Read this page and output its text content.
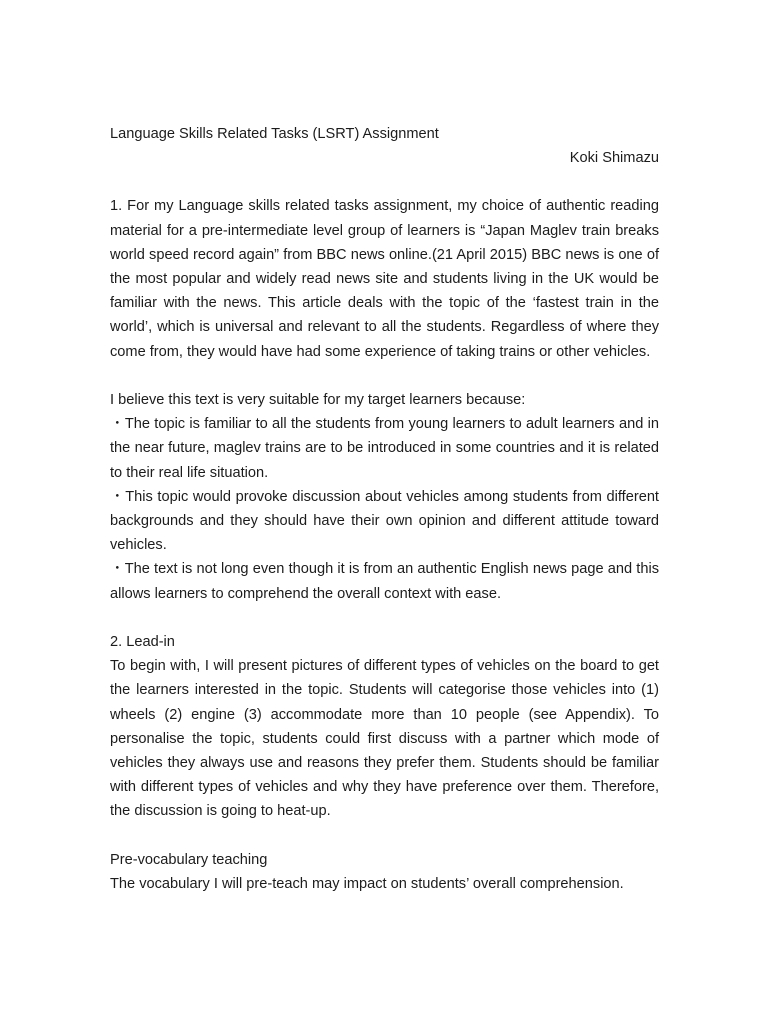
Language Skills Related Tasks (LSRT) Assignment
Koki Shimazu

1. For my Language skills related tasks assignment, my choice of authentic reading material for a pre-intermediate level group of learners is “Japan Maglev train breaks world speed record again” from BBC news online.(21 April 2015) BBC news is one of the most popular and widely read news site and students living in the UK would be familiar with the news. This article deals with the topic of the ‘fastest train in the world’, which is universal and relevant to all the students. Regardless of where they come from, they would have had some experience of taking trains or other vehicles.

I believe this text is very suitable for my target learners because:

・The topic is familiar to all the students from young learners to adult learners and in the near future, maglev trains are to be introduced in some countries and it is related to their real life situation.

・This topic would provoke discussion about vehicles among students from different backgrounds and they should have their own opinion and different attitude toward vehicles.

・The text is not long even though it is from an authentic English news page and this allows learners to comprehend the overall context with ease.

2. Lead-in

To begin with, I will present pictures of different types of vehicles on the board to get the learners interested in the topic. Students will categorise those vehicles into (1) wheels (2) engine (3) accommodate more than 10 people (see Appendix). To personalise the topic, students could first discuss with a partner which mode of vehicles they always use and reasons they prefer them. Students should be familiar with different types of vehicles and why they have preference over them. Therefore, the discussion is going to heat-up.

Pre-vocabulary teaching

The vocabulary I will pre-teach may impact on students’ overall comprehension.
